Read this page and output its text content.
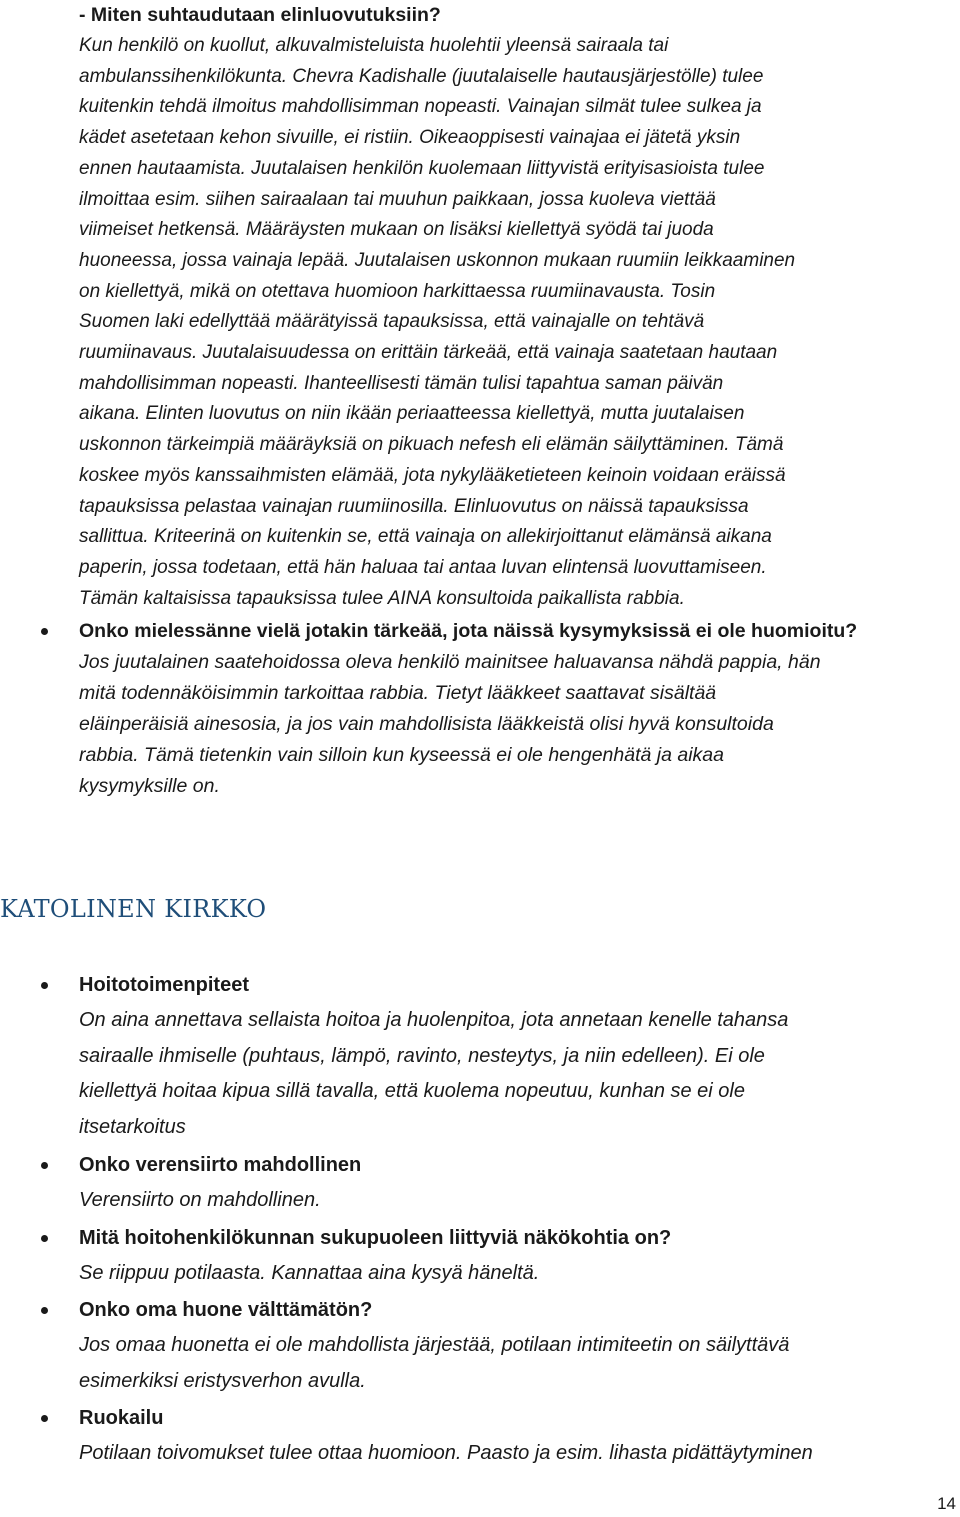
- Miten suhtaudutaan elinluovutuksiin?

Kun henkilö on kuollut, alkuvalmisteluista huolehtii yleensä sairaala tai
ambulanssihenkilökunta. Chevra Kadishalle (juutalaiselle hautausjärjestölle) tulee
kuitenkin tehdä ilmoitus mahdollisimman nopeasti. Vainajan silmät tulee sulkea ja
kädet asetetaan kehon sivuille, ei ristiin. Oikeaoppisesti vainajaa ei jätetä yksin
ennen hautaamista. Juutalaisen henkilön kuolemaan liittyvistä erityisasioista tulee
ilmoittaa esim. siihen sairaalaan tai muuhun paikkaan, jossa kuoleva viettää
viimeiset hetkensä. Määräysten mukaan on lisäksi kiellettyä syödä tai juoda
huoneessa, jossa vainaja lepää. Juutalaisen uskonnon mukaan ruumiin leikkaaminen
on kiellettyä, mikä on otettava huomioon harkittaessa ruumiinavausta. Tosin
Suomen laki edellyttää määrätyissä tapauksissa, että vainajalle on tehtävä
ruumiinavaus. Juutalaisuudessa on erittäin tärkeää, että vainaja saatetaan hautaan
mahdollisimman nopeasti. Ihanteellisesti tämän tulisi tapahtua saman päivän
aikana. Elinten luovutus on niin ikään periaatteessa kiellettyä, mutta juutalaisen
uskonnon tärkeimpiä määräyksiä on pikuach nefesh eli elämän säilyttäminen. Tämä
koskee myös kanssaihmisten elämää, jota nykylääketieteen keinoin voidaan eräissä
tapauksissa pelastaa vainajan ruumiinosilla. Elinluovutus on näissä tapauksissa
sallittua. Kriteerinä on kuitenkin se, että vainaja on allekirjoittanut elämänsä aikana
paperin, jossa todetaan, että hän haluaa tai antaa luvan elintensä luovuttamiseen.
Tämän kaltaisissa tapauksissa tulee AINA konsultoida paikallista rabbia.

Onko mielessänne vielä jotakin tärkeää, jota näissä kysymyksissä ei ole huomioitu?

Jos juutalainen saatehoidossa oleva henkilö mainitsee haluavansa nähdä pappia, hän
mitä todennäköisimmin tarkoittaa rabbia. Tietyt lääkkeet saattavat sisältää
eläinperäisiä ainesosia, ja jos vain mahdollisista lääkkeistä olisi hyvä konsultoida
rabbia. Tämä tietenkin vain silloin kun kyseessä ei ole hengenhätä ja aikaa
kysymyksille on.
KATOLINEN KIRKKO

Hoitotoimenpiteet

On aina annettava sellaista hoitoa ja huolenpitoa, jota annetaan kenelle tahansa
sairaalle ihmiselle (puhtaus, lämpö, ravinto, nesteytys, ja niin edelleen). Ei ole
kiellettyä hoitaa kipua sillä tavalla, että kuolema nopeutuu, kunhan se ei ole
itsetarkoitus

Onko verensiirto mahdollinen

Verensiirto on mahdollinen.

Mitä hoitohenkilökunnan sukupuoleen liittyviä näkökohtia on?

Se riippuu potilaasta. Kannattaa aina kysyä häneltä.

Onko oma huone välttämätön?

Jos omaa huonetta ei ole mahdollista järjestää, potilaan intimiteetin on säilyttävä
esimerkiksi eristysverhon avulla.

Ruokailu

Potilaan toivomukset tulee ottaa huomioon. Paasto ja esim. lihasta pidättäytyminen
14
